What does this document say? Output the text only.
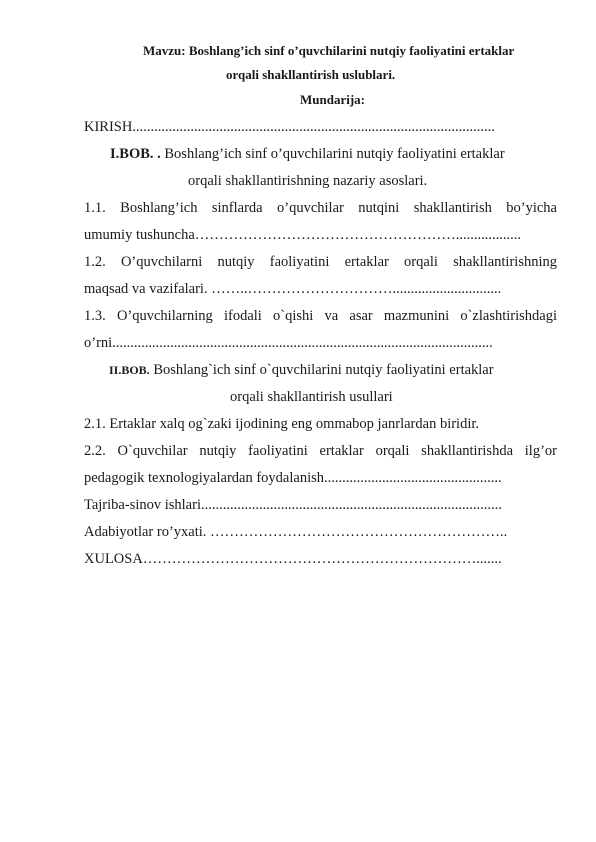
Mavzu: Boshlang’ich sinf o’quvchilarini nutqiy faoliyatini ertaklar
orqali shakllantirish uslublari.
Mundarija:
KIRISH....................................................................................................
I.BOB. . Boshlang’ich sinf o’quvchilarini nutqiy faoliyatini ertaklar
orqali shakllantirishning nazariy asoslari.
1.1. Boshlang’ich sinflarda o’quvchilar nutqini shakllantirish bo’yicha
umumiy tushuncha………………………………………………..................
1.2. O’quvchilarni nutqiy faoliyatini ertaklar orqali shakllantirishning
maqsad va vazifalari. ……..…………………………..............................
1.3. O’quvchilarning ifodali o`qishi va asar mazmunini o`zlashtirishdagi
o’rni.........................................................................................................
II.BOB. Boshlang`ich sinf o`quvchilarini nutqiy faoliyatini ertaklar
orqali shakllantirish usullari
2.1. Ertaklar xalq og`zaki ijodining eng ommabop janrlardan biridir.
2.2. O`quvchilar nutqiy faoliyatini ertaklar orqali shakllantirishda ilg’or
pedagogik texnologiyalardan foydalanish.................................................
Tajriba-sinov ishlari...................................................................................
Adabiyotlar ro’yxati. ……………………………………………………..
XULOSA…………………………………………………………….......
